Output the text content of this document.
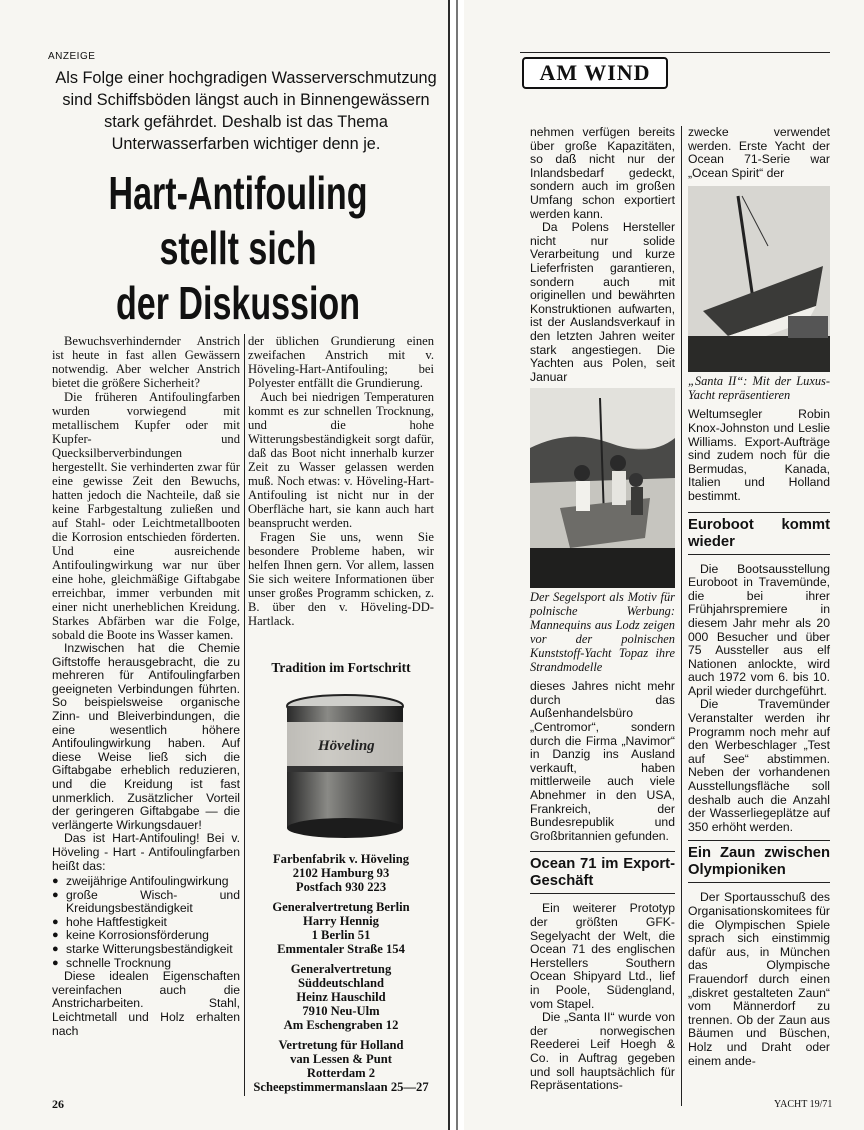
ANZEIGE
Als Folge einer hochgradigen Wasserverschmutzung sind Schiffsböden längst auch in Binnengewässern stark gefährdet. Deshalb ist das Thema Unterwasserfarben wichtiger denn je.
Hart-Antifouling
stellt sich
der Diskussion

Bewuchsverhindernder Anstrich ist heute in fast allen Gewässern notwendig. Aber welcher Anstrich bietet die größere Sicherheit?

Die früheren Antifoulingfarben wurden vorwiegend mit metallischem Kupfer oder mit Kupfer- und Quecksilberverbindungen hergestellt. Sie verhinderten zwar für eine gewisse Zeit den Bewuchs, hatten jedoch die Nachteile, daß sie keine Farbgestaltung zuließen und auf Stahl- oder Leichtmetallbooten die Korrosion entschieden förderten. Und eine ausreichende Antifoulingwirkung war nur über eine hohe, gleichmäßige Giftabgabe erreichbar, immer verbunden mit einer nicht unerheblichen Kreidung. Starkes Abfärben war die Folge, sobald die Boote ins Wasser kamen.

Inzwischen hat die Chemie Giftstoffe herausgebracht, die zu mehreren für Antifoulingfarben geeigneten Verbindungen führten. So beispielsweise organische Zinn- und Bleiverbindungen, die eine wesentlich höhere Antifoulingwirkung haben. Auf diese Weise ließ sich die Giftabgabe erheblich reduzieren, und die Kreidung ist fast unmerklich. Zusätzlicher Vorteil der geringeren Giftabgabe — die verlängerte Wirkungsdauer!

Das ist Hart-Antifouling! Bei v. Höveling - Hart - Antifoulingfarben heißt das:

● zweijährige Antifoulingwirkung
● große Wisch- und Kreidungsbeständigkeit
● hohe Haftfestigkeit
● keine Korrosionsförderung
● starke Witterungsbeständigkeit
● schnelle Trocknung

Diese idealen Eigenschaften vereinfachen auch die Anstricharbeiten. Stahl, Leichtmetall und Holz erhalten nach

der üblichen Grundierung einen zweifachen Anstrich mit v. Höveling-Hart-Antifouling; bei Polyester entfällt die Grundierung.

Auch bei niedrigen Temperaturen kommt es zur schnellen Trocknung, und die hohe Witterungsbeständigkeit sorgt dafür, daß das Boot nicht innerhalb kurzer Zeit zu Wasser gelassen werden muß. Noch etwas: v. Höveling-Hart-Antifouling ist nicht nur in der Oberfläche hart, sie kann auch hart beansprucht werden.

Fragen Sie uns, wenn Sie besondere Probleme haben, wir helfen Ihnen gern. Vor allem, lassen Sie sich weitere Informationen über unser großes Programm schicken, z. B. über den v. Höveling-DD-Hartlack.

Tradition im Fortschritt
Höveling
Farbenfabrik v. Höveling
2102 Hamburg 93
Postfach 930 223
Generalvertretung Berlin
Harry Hennig
1 Berlin 51
Emmentaler Straße 154
Generalvertretung
Süddeutschland
Heinz Hauschild
7910 Neu-Ulm
Am Eschengraben 12
Vertretung für Holland
van Lessen & Punt
Rotterdam 2
Scheepstimmermanslaan 25—27
26
AM WIND

nehmen verfügen bereits über große Kapazitäten, so daß nicht nur der Inlandsbedarf gedeckt, sondern auch im großen Umfang schon exportiert werden kann.

Da Polens Hersteller nicht nur solide Verarbeitung und kurze Lieferfristen garantieren, sondern auch mit originellen und bewährten Konstruktionen aufwarten, ist der Auslandsverkauf in den letzten Jahren weiter stark angestiegen. Die Yachten aus Polen, seit Januar

Der Segelsport als Motiv für polnische Werbung: Mannequins aus Lodz zeigen vor der polnischen Kunststoff-Yacht Topaz ihre Strandmodelle

dieses Jahres nicht mehr durch das Außenhandelsbüro „Centromor“, sondern durch die Firma „Navimor“ in Danzig ins Ausland verkauft, haben mittlerweile auch viele Abnehmer in den USA, Frankreich, der Bundesrepublik und Großbritannien gefunden.

Ocean 71 im Export-Geschäft

Ein weiterer Prototyp der größten GFK-Segelyacht der Welt, die Ocean 71 des englischen Herstellers Southern Ocean Shipyard Ltd., lief in Poole, Südengland, vom Stapel.

Die „Santa II“ wurde von der norwegischen Reederei Leif Hoegh & Co. in Auftrag gegeben und soll hauptsächlich für Repräsentations-

zwecke verwendet werden. Erste Yacht der Ocean 71-Serie war „Ocean Spirit“ der

„Santa II“: Mit der Luxus-Yacht repräsentieren

Weltumsegler Robin Knox-Johnston und Leslie Williams. Export-Aufträge sind zudem noch für die Bermudas, Kanada, Italien und Holland bestimmt.

Euroboot kommt wieder

Die Bootsausstellung Euroboot in Travemünde, die bei ihrer Frühjahrspremiere in diesem Jahr mehr als 20 000 Besucher und über 75 Aussteller aus elf Nationen anlockte, wird auch 1972 vom 6. bis 10. April wieder durchgeführt.

Die Travemünder Veranstalter werden ihr Programm noch mehr auf den Werbeschlager „Test auf See“ abstimmen. Neben der vorhandenen Ausstellungsfläche soll deshalb auch die Anzahl der Wasserliegeplätze auf 350 erhöht werden.

Ein Zaun zwischen Olympioniken

Der Sportausschuß des Organisationskomitees für die Olympischen Spiele sprach sich einstimmig dafür aus, in München das Olympische Frauendorf durch einen „diskret gestalteten Zaun“ vom Männerdorf zu trennen. Ob der Zaun aus Bäumen und Büschen, Holz und Draht oder einem ande-

YACHT 19/71
